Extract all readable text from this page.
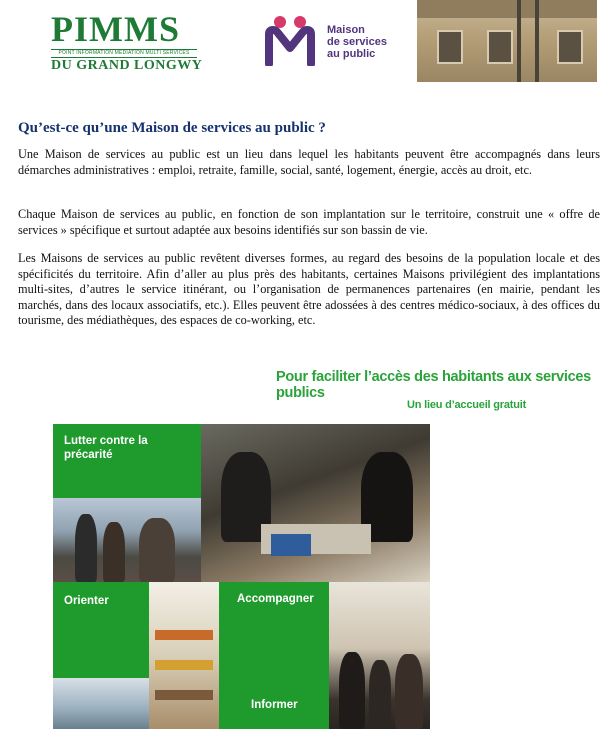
PIMMS
POINT INFORMATION MÉDIATION MULTI SERVICES
DU GRAND LONGWY
Maison
de services
au public
Qu’est-ce qu’une Maison de services au public ?

Une Maison de services au public est un lieu dans lequel les habitants peuvent être accompagnés dans leurs démarches administratives : emploi, retraite, famille, social, santé, logement, énergie, accès au droit, etc.

Chaque Maison de services au public, en fonction de son implantation sur le territoire, construit une « offre de services » spécifique et surtout adaptée aux besoins identifiés sur son bassin de vie.

Les Maisons de services au public revêtent diverses formes, au regard des besoins de la population locale et des spécificités du territoire. Afin d’aller au plus près des habitants, certaines Maisons privilégient des implantations multi-sites, d’autres le service itinérant, ou l’organisation de permanences partenaires (en mairie, pendant les marchés, dans des locaux associatifs, etc.). Elles peuvent être adossées à des centres médico-sociaux, à des offices du tourisme, des médiathèques, des espaces de co-working, etc.

Pour faciliter l’accès des habitants aux services publics
Un lieu d’accueil gratuit
Lutter contre la précarité
Orienter	Accompagner
Informer
